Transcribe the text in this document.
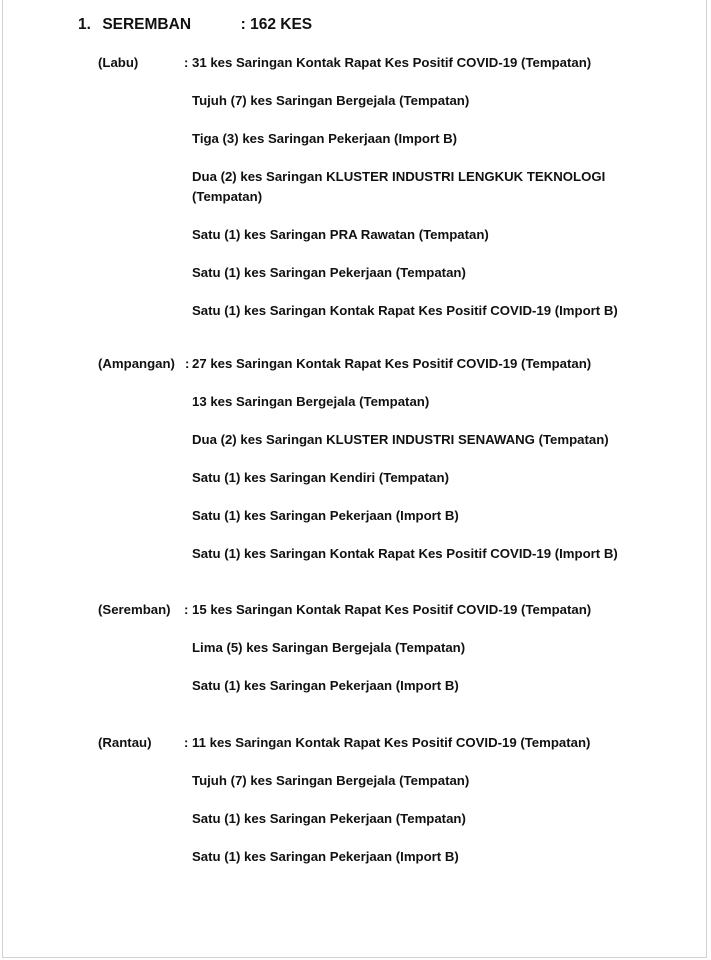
1. SEREMBAN	: 162 KES
(Labu)	: 31 kes Saringan Kontak Rapat Kes Positif COVID-19 (Tempatan)
Tujuh (7) kes Saringan Bergejala (Tempatan)
Tiga (3) kes Saringan Pekerjaan (Import B)
Dua (2) kes Saringan KLUSTER INDUSTRI LENGKUK TEKNOLOGI (Tempatan)
Satu (1) kes Saringan PRA Rawatan (Tempatan)
Satu (1) kes Saringan Pekerjaan (Tempatan)
Satu (1) kes Saringan Kontak Rapat Kes Positif COVID-19 (Import B)
(Ampangan) : 27 kes Saringan Kontak Rapat Kes Positif COVID-19 (Tempatan)
13 kes Saringan Bergejala (Tempatan)
Dua (2) kes Saringan KLUSTER INDUSTRI SENAWANG (Tempatan)
Satu (1) kes Saringan Kendiri (Tempatan)
Satu (1) kes Saringan Pekerjaan (Import B)
Satu (1) kes Saringan Kontak Rapat Kes Positif COVID-19 (Import B)
(Seremban) : 15 kes Saringan Kontak Rapat Kes Positif COVID-19 (Tempatan)
Lima (5) kes Saringan Bergejala (Tempatan)
Satu (1) kes Saringan Pekerjaan (Import B)
(Rantau) : 11 kes Saringan Kontak Rapat Kes Positif COVID-19 (Tempatan)
Tujuh (7) kes Saringan Bergejala (Tempatan)
Satu (1) kes Saringan Pekerjaan (Tempatan)
Satu (1) kes Saringan Pekerjaan (Import B)
